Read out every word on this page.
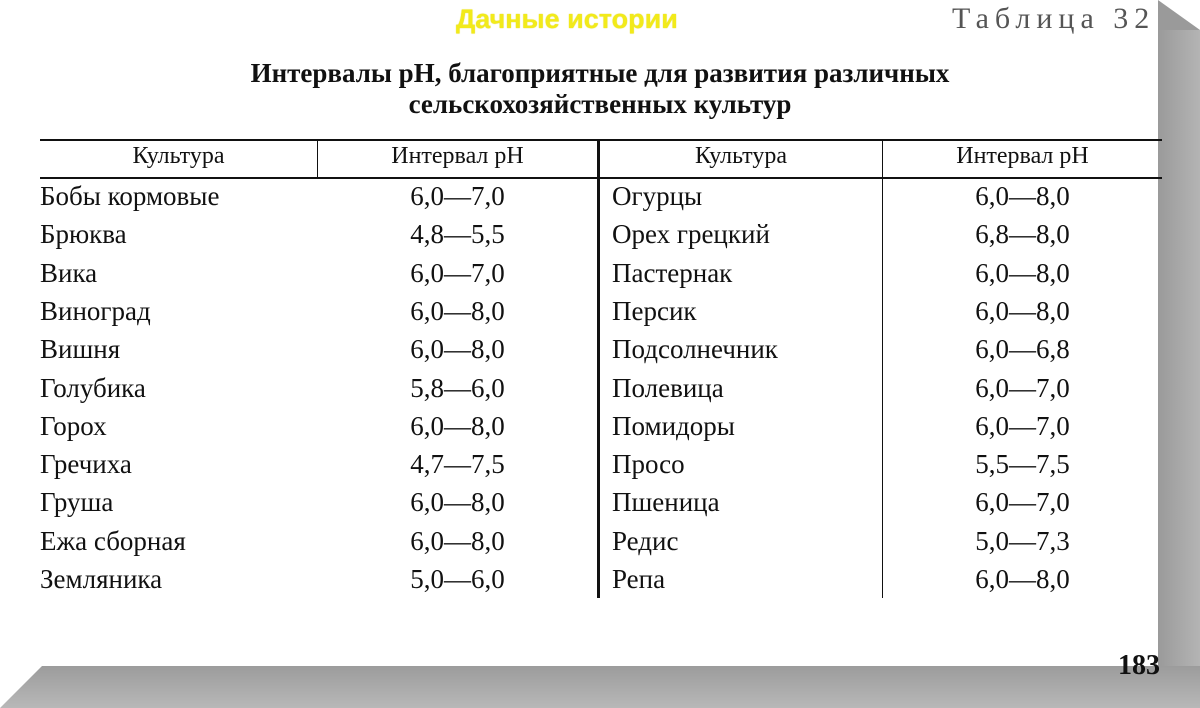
Дачные истории	Таблица 32
Интервалы pH, благоприятные для развития различных
сельскохозяйственных культур
Культура	Интервал pH	Культура	Интервал pH
Бобы кормовые	6,0—7,0	Огурцы	6,0—8,0
Брюква	4,8—5,5	Орех грецкий	6,8—8,0
Вика	6,0—7,0	Пастернак	6,0—8,0
Виноград	6,0—8,0	Персик	6,0—8,0
Вишня	6,0—8,0	Подсолнечник	6,0—6,8
Голубика	5,8—6,0	Полевица	6,0—7,0
Горох	6,0—8,0	Помидоры	6,0—7,0
Гречиха	4,7—7,5	Просо	5,5—7,5
Груша	6,0—8,0	Пшеница	6,0—7,0
Ежа сборная	6,0—8,0	Редис	5,0—7,3
Земляника	5,0—6,0	Репа	6,0—8,0
183
